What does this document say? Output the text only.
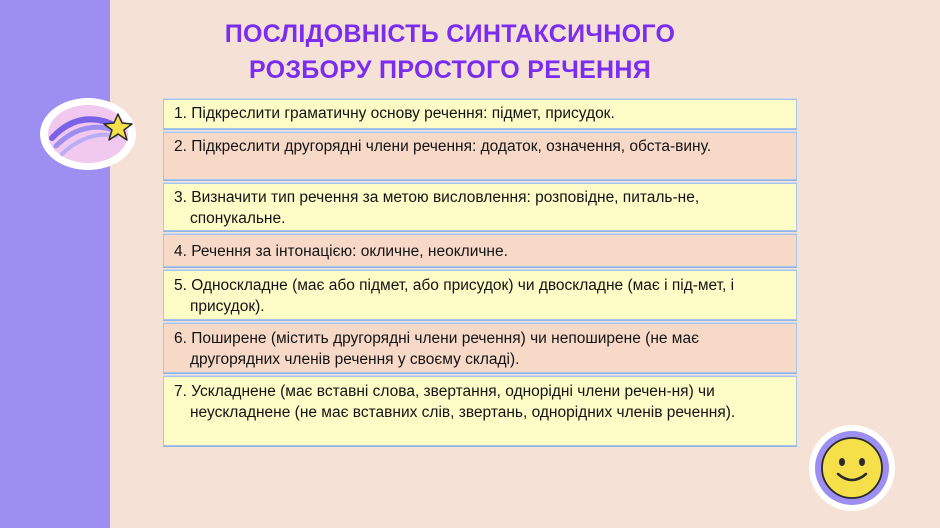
ПОСЛІДОВНІСТЬ СИНТАКСИЧНОГО
РОЗБОРУ ПРОСТОГО РЕЧЕННЯ
1. Підкреслити граматичну основу речення: підмет, присудок.
2. Підкреслити другорядні члени речення: додаток, означення, обста-вину.
3. Визначити тип речення за метою висловлення: розповідне, питаль-не, спонукальне.
4. Речення за інтонацією: окличне, неокличне.
5. Односкладне (має або підмет, або присудок) чи двоскладне (має і під-мет, і присудок).
6. Поширене (містить другорядні члени речення) чи непоширене (не має другорядних членів речення у своєму складі).
7. Ускладнене (має вставні слова, звертання, однорідні члени речен-ня) чи неускладнене (не має вставних слів, звертань, однорідних членів речення).
